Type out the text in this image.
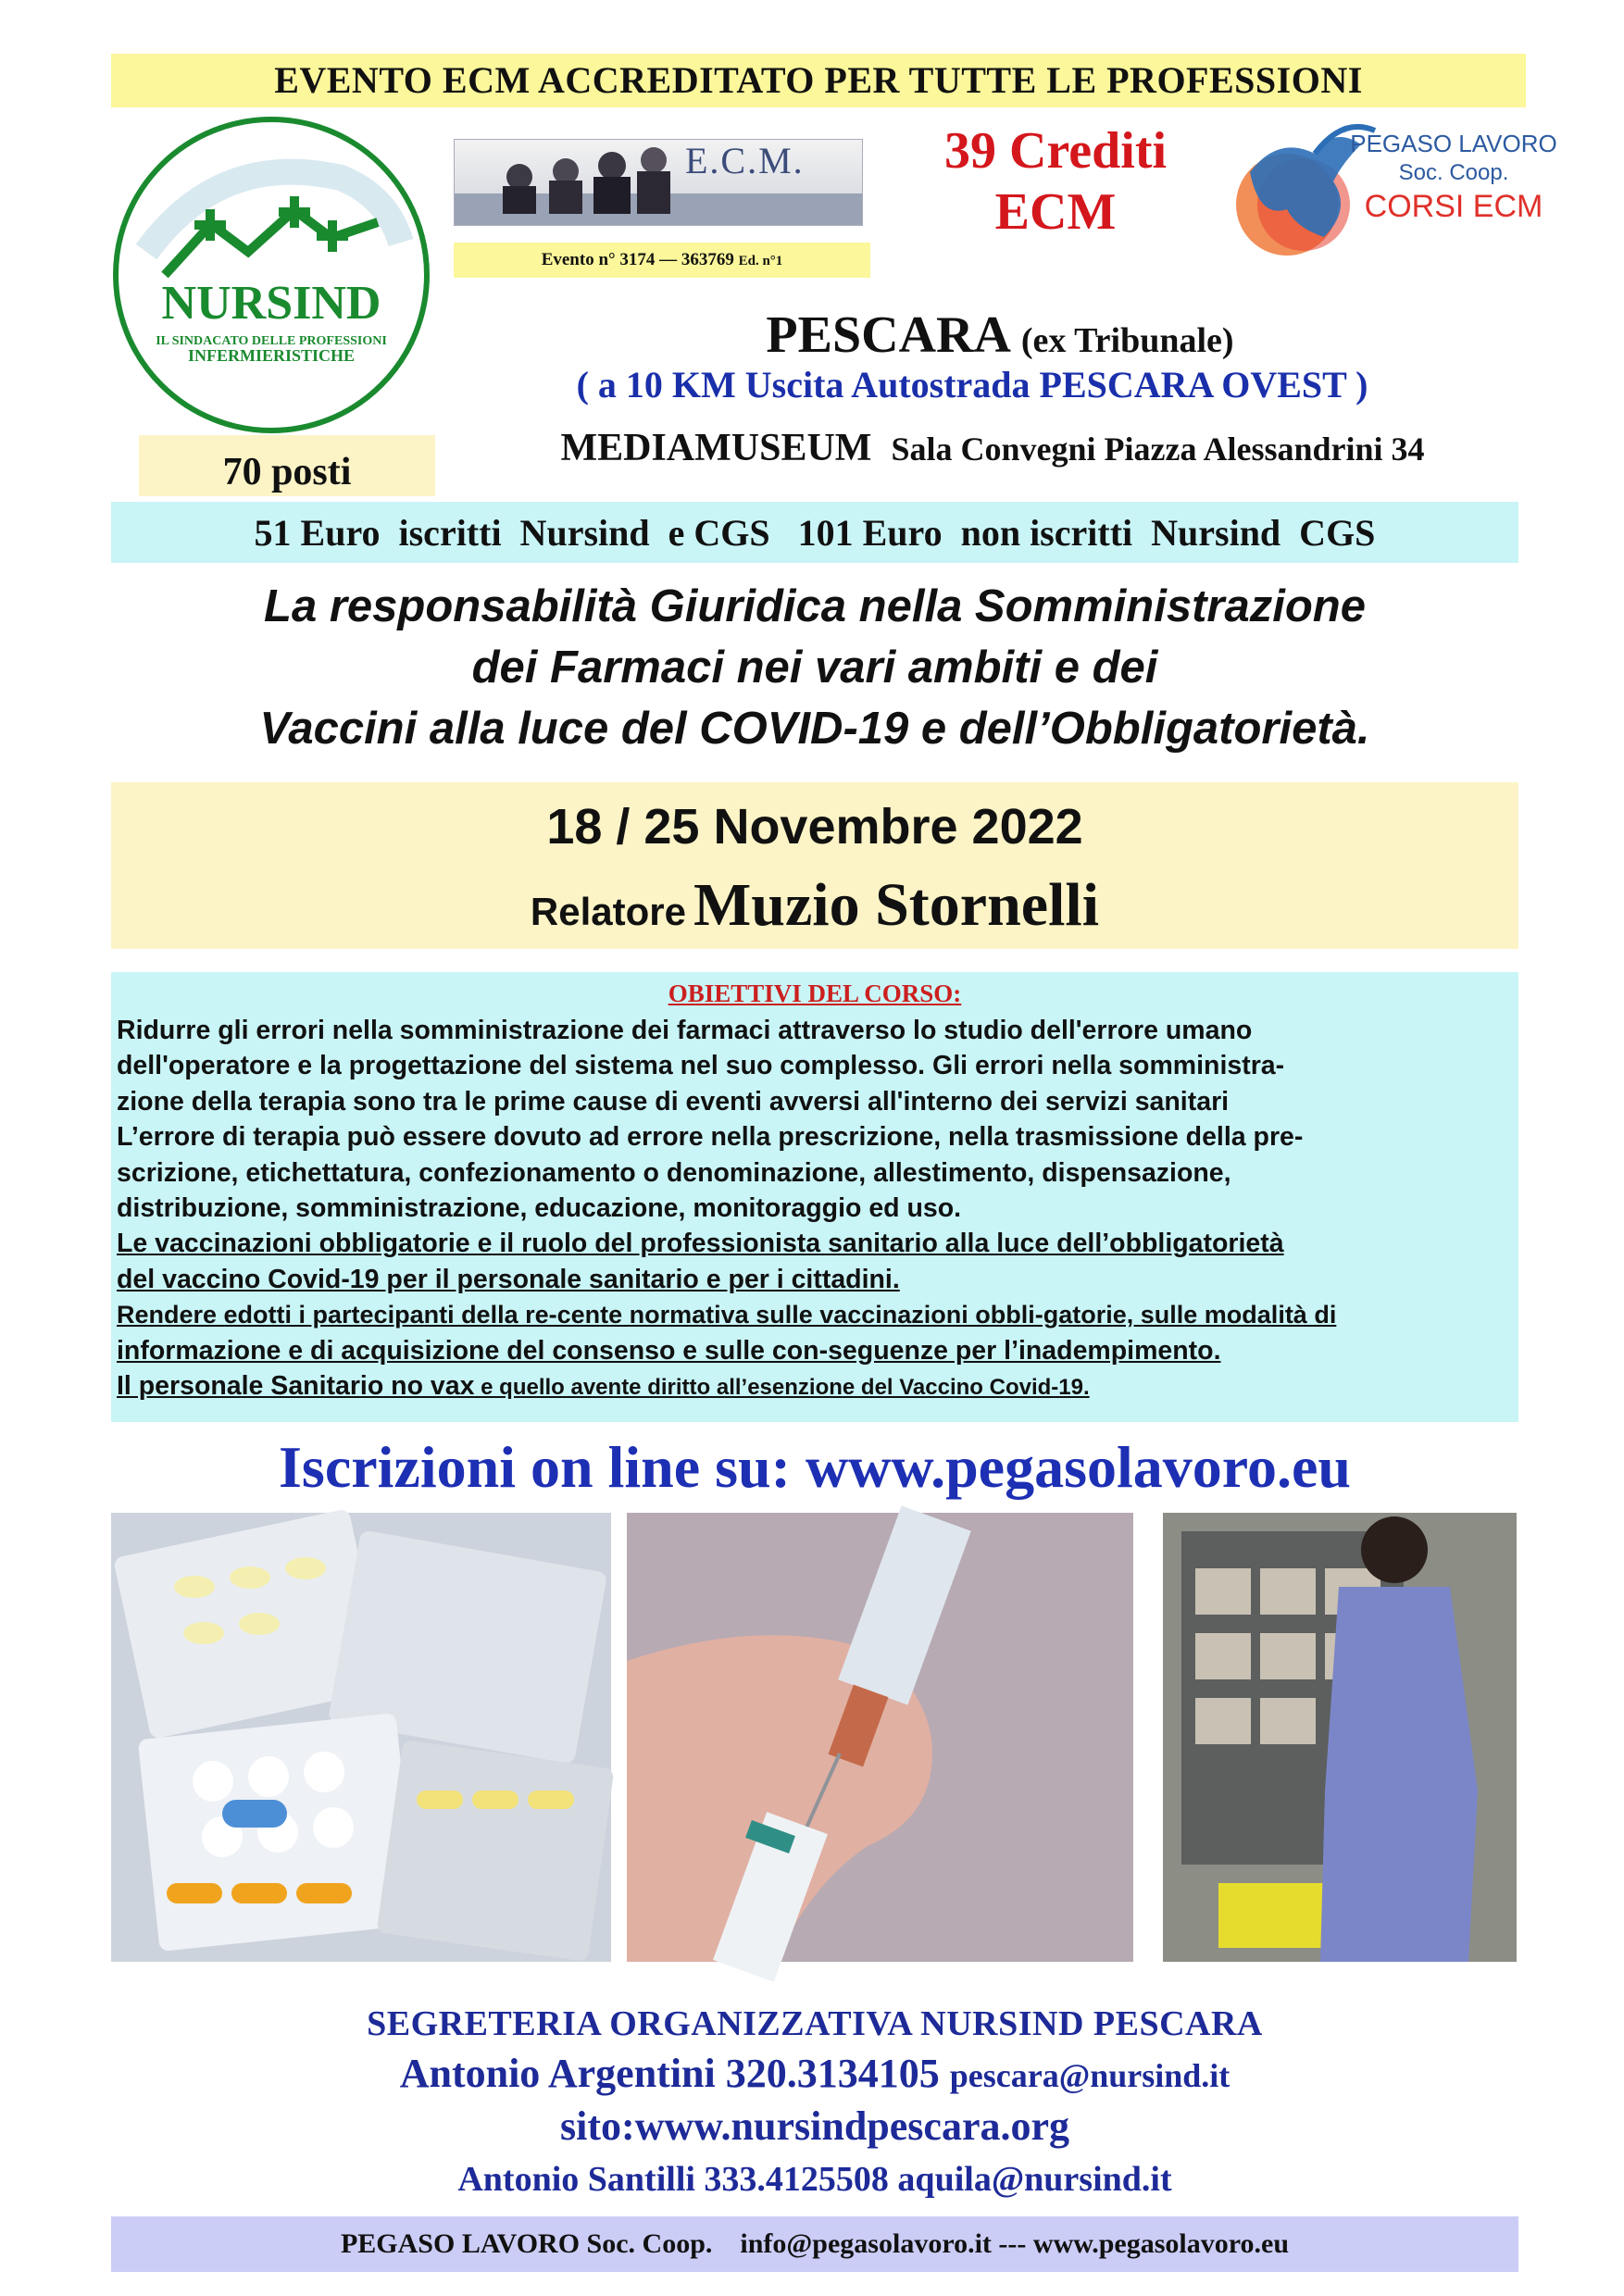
EVENTO ECM ACCREDITATO PER TUTTE LE PROFESSIONI
NURSIND
IL SINDACATO DELLE PROFESSIONI
INFERMIERISTICHE
E.C.M.
Evento n° 3174 — 363769 Ed. n°1
39 Crediti
ECM
PEGASO LAVORO
Soc. Coop.
CORSI ECM
PESCARA (ex Tribunale)
( a 10 KM Uscita Autostrada PESCARA OVEST )
70 posti
MEDIAMUSEUM Sala Convegni Piazza Alessandrini 34
51 Euro  iscritti  Nursind  e CGS   101 Euro  non iscritti  Nursind  CGS
La responsabilità Giuridica nella Somministrazione
dei Farmaci nei vari ambiti e dei
Vaccini alla luce del COVID-19 e dell’Obbligatorietà.
18 / 25 Novembre 2022
Relatore Muzio Stornelli
OBIETTIVI DEL CORSO:

Ridurre gli errori nella somministrazione dei farmaci attraverso lo studio dell'errore umano

dell'operatore e la progettazione del sistema nel suo complesso. Gli errori nella somministra-

zione della terapia sono tra le prime cause di eventi avversi all'interno dei servizi sanitari

L’errore di terapia può essere dovuto ad errore nella prescrizione, nella trasmissione della pre-

scrizione, etichettatura, confezionamento o denominazione, allestimento, dispensazione,

distribuzione, somministrazione, educazione, monitoraggio ed uso.

Le vaccinazioni obbligatorie e il ruolo del professionista sanitario alla luce dell’obbligatorietà

del vaccino Covid-19 per il personale sanitario e per i cittadini.

Rendere edotti i partecipanti della re-cente normativa sulle vaccinazioni obbli-gatorie, sulle modalità di

informazione e di acquisizione del consenso e sulle con-seguenze per l’inadempimento.

Il personale Sanitario no vax e quello avente diritto all’esenzione del Vaccino Covid-19.

Iscrizioni on line su: www.pegasolavoro.eu
SEGRETERIA ORGANIZZATIVA NURSIND PESCARA
Antonio Argentini 320.3134105 pescara@nursind.it
sito:www.nursindpescara.org
Antonio Santilli 333.4125508 aquila@nursind.it
PEGASO LAVORO Soc. Coop. info@pegasolavoro.it --- www.pegasolavoro.eu
